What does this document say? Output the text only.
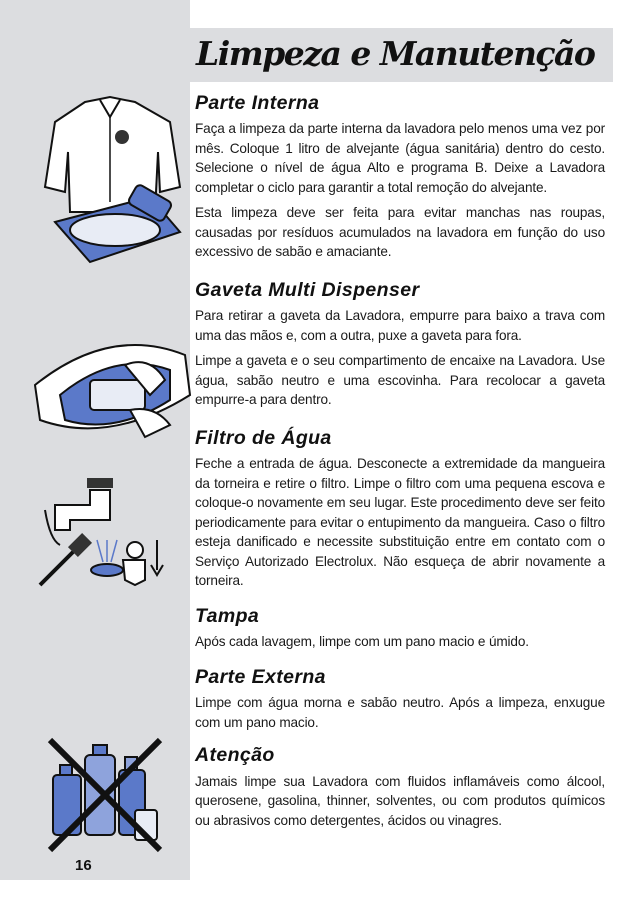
Limpeza e Manutenção
16
Parte Interna

Faça a limpeza da parte interna da lavadora pelo menos uma vez por mês. Coloque 1 litro de alvejante (água sanitária) dentro do cesto. Selecione o nível de água Alto e programa B. Deixe a Lavadora completar o ciclo para garantir a total remoção do alvejante.

Esta limpeza deve ser feita para evitar manchas nas roupas, causadas por resíduos acumulados na lavadora em função do uso excessivo de sabão e amaciante.

Gaveta Multi Dispenser

Para retirar a gaveta da Lavadora, empurre para baixo a trava com uma das mãos e, com a outra, puxe a gaveta para fora.

Limpe a gaveta e o seu compartimento de encaixe na Lavadora. Use água, sabão neutro e uma escovinha. Para recolocar a gaveta empurre-a para dentro.

Filtro de Água

Feche a entrada de água. Desconecte a extremidade da mangueira da torneira e retire o filtro. Limpe o filtro com uma pequena escova e coloque-o novamente em seu lugar. Este procedimento deve ser feito periodicamente para evitar o entupimento da mangueira. Caso o filtro esteja danificado e necessite substituição entre em contato com o Serviço Autorizado Electrolux. Não esqueça de abrir novamente a torneira.

Tampa

Após cada lavagem, limpe com um pano macio e úmido.

Parte Externa

Limpe com água morna e sabão neutro. Após a limpeza, enxugue com um pano macio.

Atenção

Jamais limpe sua Lavadora com fluidos inflamáveis como álcool, querosene, gasolina, thinner, solventes, ou com produtos químicos ou abrasivos como detergentes, ácidos ou vinagres.
